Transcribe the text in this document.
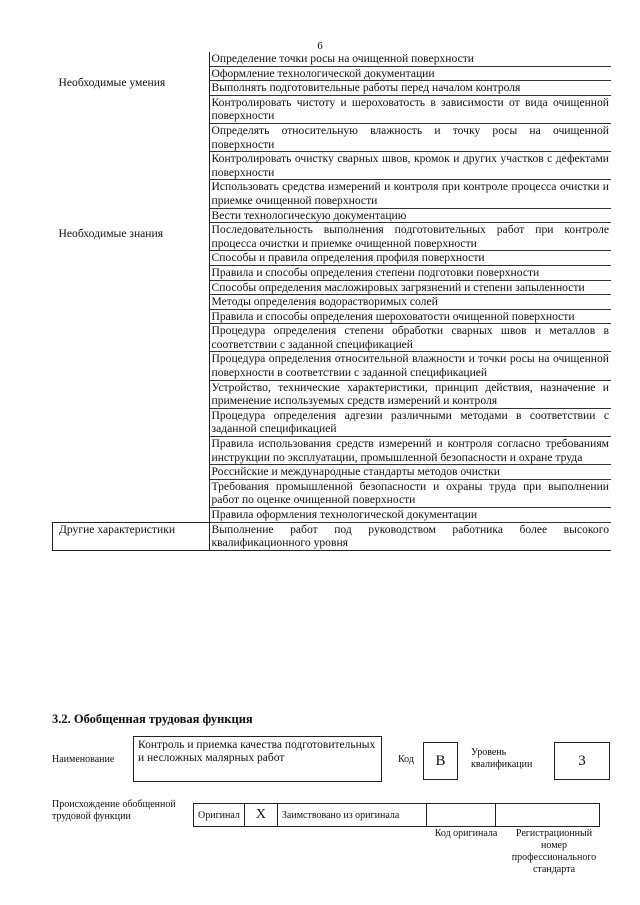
6
Необходимые умения	Определение точки росы на очищенной поверхности

	Оформление технологической документации

	Выполнять подготовительные работы перед началом контроля

	Контролировать чистоту и шероховатость в зависимости от вида очищенной поверхности

	Определять относительную влажность и точку росы на очищенной поверхности

	Контролировать очистку сварных швов, кромок и других участков с дефектами поверхности

	Использовать средства измерений и контроля при контроле процесса очистки и приемке очищенной поверхности

	Вести технологическую документацию

Необходимые знания	Последовательность выполнения подготовительных работ при контроле процесса очистки и приемке очищенной поверхности

	Способы и правила определения профиля поверхности

	Правила и способы определения степени подготовки поверхности

	Способы определения масложировых загрязнений и степени запыленности

	Методы определения водорастворимых солей

	Правила и способы определения шероховатости очищенной поверхности

	Процедура определения степени обработки сварных швов и металлов в соответствии с заданной спецификацией

	Процедура определения относительной влажности и точки росы на очищенной поверхности в соответствии с заданной спецификацией

	Устройство, технические характеристики, принцип действия, назначение и применение используемых средств измерений и контроля

	Процедура определения адгезии различными методами в соответствии с заданной спецификацией

	Правила использования средств измерений и контроля согласно требованиям инструкции по эксплуатации, промышленной безопасности и охране труда

	Российские и международные стандарты методов очистки

	Требования промышленной безопасности и охраны труда при выполнении работ по оценке очищенной поверхности

	Правила оформления технологической документации

Другие характеристики	Выполнение работ под руководством работника более высокого квалификационного уровня
3.2. Обобщенная трудовая функция
Наименование
Контроль и приемка качества подготовительных и несложных малярных работ	Код	B
Уровень квалификации	3
Происхождение обобщенной трудовой функции	Оригинал	X	Заимствовано из оригинала		
Код оригинала	Регистрационный номер профессионального стандарта
